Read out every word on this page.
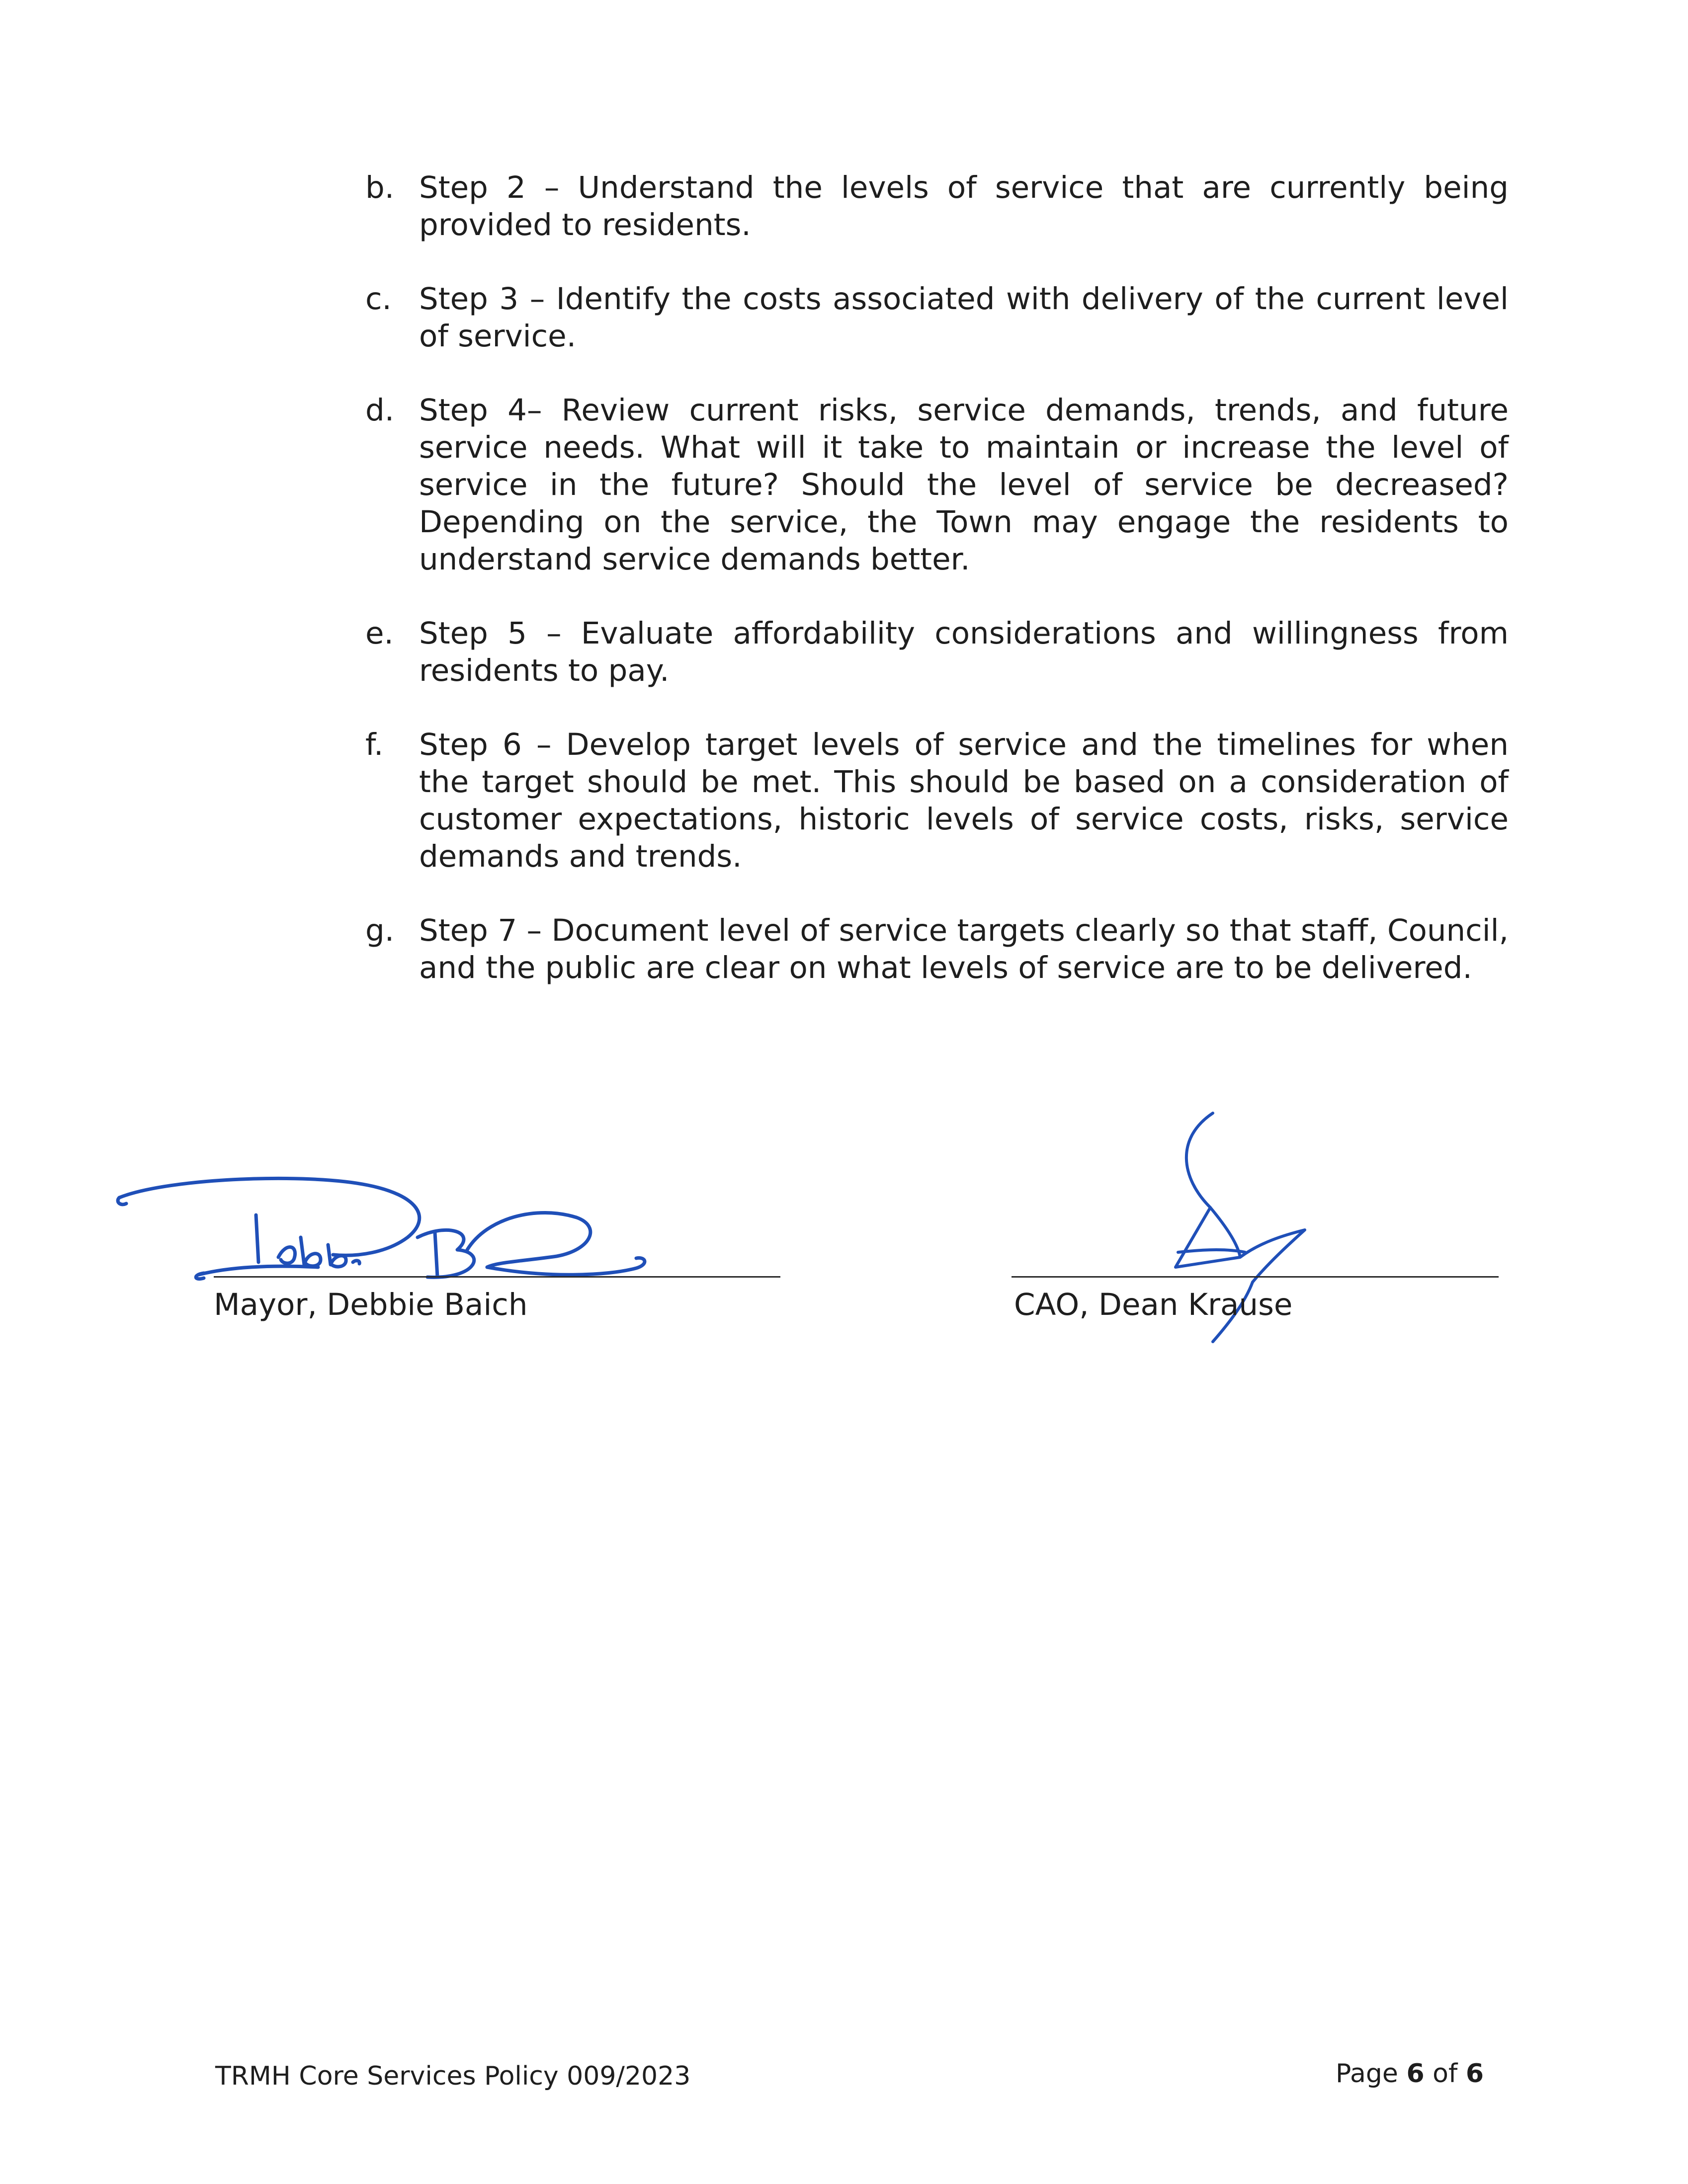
b. Step 2 – Understand the levels of service that are currently being provided to residents.
c. Step 3 – Identify the costs associated with delivery of the current level of service.
d. Step 4– Review current risks, service demands, trends, and future service needs. What will it take to maintain or increase the level of service in the future? Should the level of service be decreased? Depending on the service, the Town may engage the residents to understand service demands better.
e. Step 5 – Evaluate affordability considerations and willingness from residents to pay.
f.	Step 6 – Develop target levels of service and the timelines for when the target should be met. This should be based on a consideration of customer expectations, historic levels of service costs, risks, service demands and trends.
g. Step 7 – Document level of service targets clearly so that staff, Council, and the public are clear on what levels of service are to be delivered.
Mayor, Debbie Baich	CAO, Dean Krause
TRMH Core Services Policy 009/2023	Page 6 of 6
